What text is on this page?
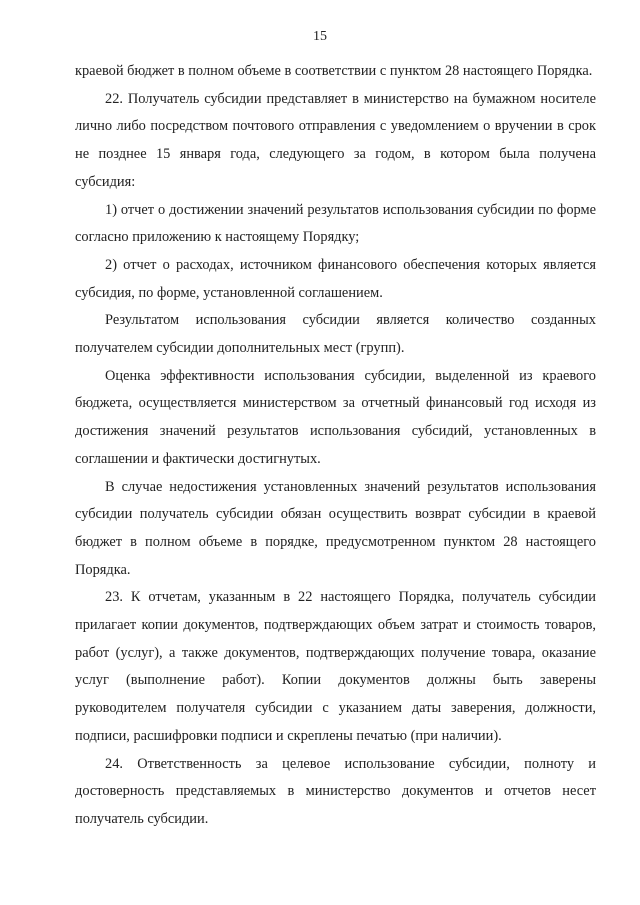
15

краевой бюджет в полном объеме в соответствии с пунктом 28 настоящего Порядка.

22. Получатель субсидии представляет в министерство на бумажном носителе лично либо посредством почтового отправления с уведомлением о вручении в срок не позднее 15 января года, следующего за годом, в котором была получена субсидия:

1) отчет о достижении значений результатов использования субсидии по форме согласно приложению к настоящему Порядку;

2) отчет о расходах, источником финансового обеспечения которых является субсидия, по форме, установленной соглашением.

Результатом использования субсидии является количество созданных получателем субсидии дополнительных мест (групп).

Оценка эффективности использования субсидии, выделенной из краевого бюджета, осуществляется министерством за отчетный финансовый год исходя из достижения значений результатов использования субсидий, установленных в соглашении и фактически достигнутых.

В случае недостижения установленных значений результатов использования субсидии получатель субсидии обязан осуществить возврат субсидии в краевой бюджет в полном объеме в порядке, предусмотренном пунктом 28 настоящего Порядка.

23. К отчетам, указанным в 22 настоящего Порядка, получатель субсидии прилагает копии документов, подтверждающих объем затрат и стоимость товаров, работ (услуг), а также документов, подтверждающих получение товара, оказание услуг (выполнение работ). Копии документов должны быть заверены руководителем получателя субсидии с указанием даты заверения, должности, подписи, расшифровки подписи и скреплены печатью (при наличии).

24. Ответственность за целевое использование субсидии, полноту и достоверность представляемых в министерство документов и отчетов несет получатель субсидии.
